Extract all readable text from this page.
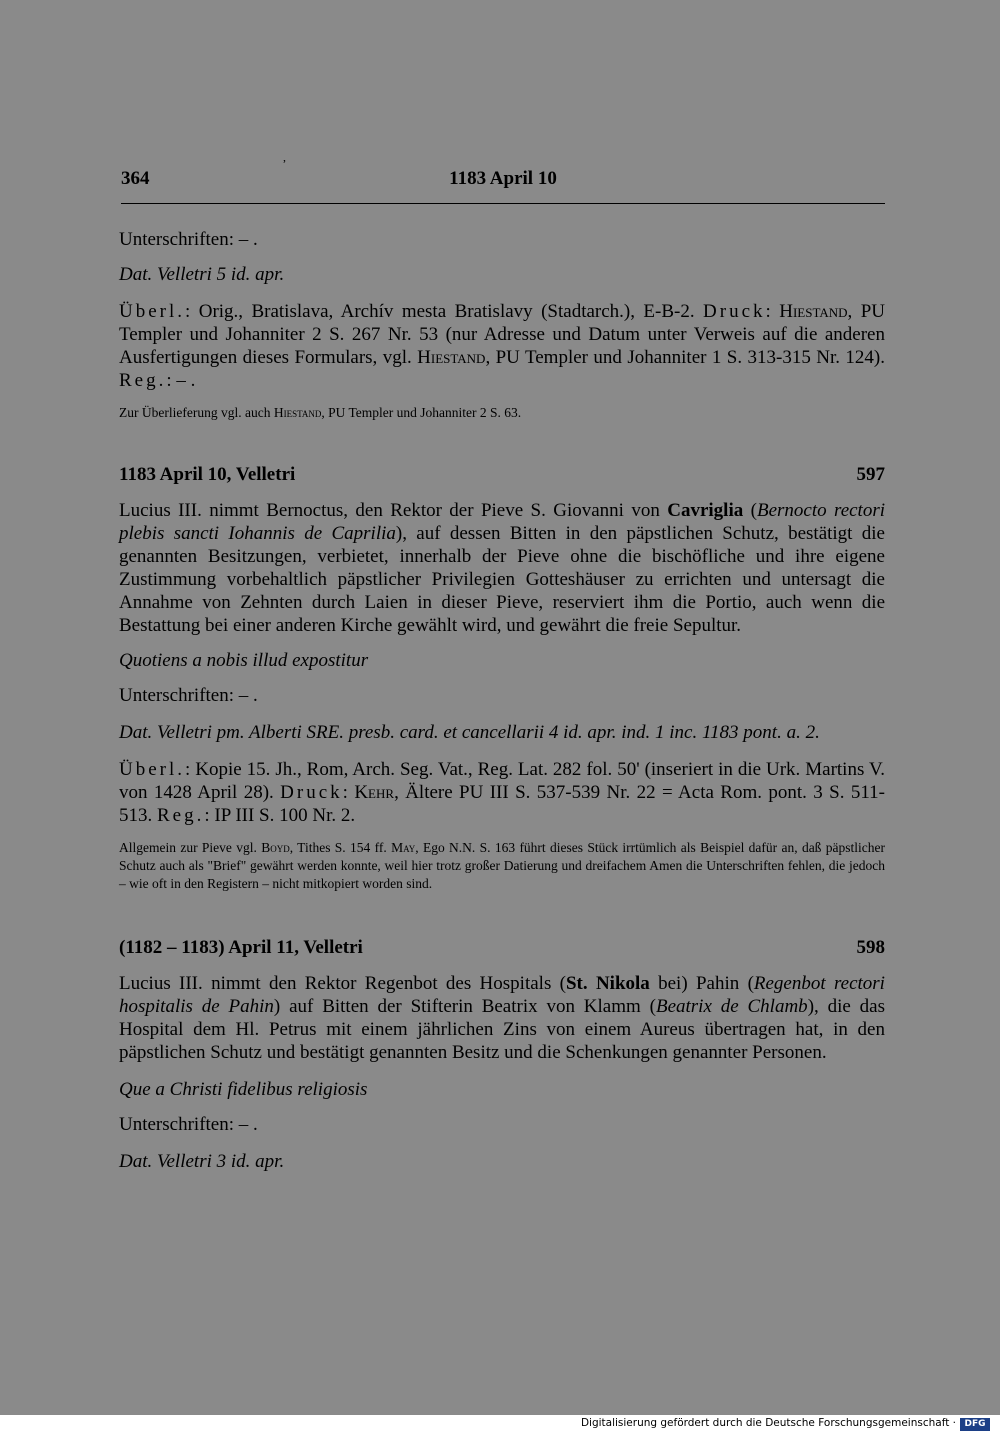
,
364	1183 April 10

Unterschriften: – .

Dat. Velletri 5 id. apr.

Überl.: Orig., Bratislava, Archív mesta Bratislavy (Stadtarch.), E-B-2. Druck: Hiestand, PU Templer und Johanniter 2 S. 267 Nr. 53 (nur Adresse und Datum unter Verweis auf die anderen Ausfertigungen dieses Formulars, vgl. Hiestand, PU Templer und Johanniter 1 S. 313-315 Nr. 124). Reg.: – .

Zur Überlieferung vgl. auch Hiestand, PU Templer und Johanniter 2 S. 63.

1183 April 10, Velletri	597

Lucius III. nimmt Bernoctus, den Rektor der Pieve S. Giovanni von Cavriglia (Bernocto rectori plebis sancti Iohannis de Caprilia), auf dessen Bitten in den päpstlichen Schutz, bestätigt die genannten Besitzungen, verbietet, innerhalb der Pieve ohne die bischöfliche und ihre eigene Zustimmung vorbehaltlich päpstlicher Privilegien Gotteshäuser zu errichten und untersagt die Annahme von Zehnten durch Laien in dieser Pieve, reserviert ihm die Portio, auch wenn die Bestattung bei einer anderen Kirche gewählt wird, und gewährt die freie Sepultur.

Quotiens a nobis illud expostitur

Unterschriften: – .

Dat. Velletri pm. Alberti SRE. presb. card. et cancellarii 4 id. apr. ind. 1 inc. 1183 pont. a. 2.

Überl.: Kopie 15. Jh., Rom, Arch. Seg. Vat., Reg. Lat. 282 fol. 50' (inseriert in die Urk. Martins V. von 1428 April 28). Druck: Kehr, Ältere PU III S. 537-539 Nr. 22 = Acta Rom. pont. 3 S. 511-513. Reg.: IP III S. 100 Nr. 2.

Allgemein zur Pieve vgl. Boyd, Tithes S. 154 ff. May, Ego N.N. S. 163 führt dieses Stück irrtümlich als Beispiel dafür an, daß päpstlicher Schutz auch als "Brief" gewährt werden konnte, weil hier trotz großer Datierung und dreifachem Amen die Unterschriften fehlen, die jedoch – wie oft in den Registern – nicht mitkopiert worden sind.

(1182 – 1183) April 11, Velletri	598

Lucius III. nimmt den Rektor Regenbot des Hospitals (St. Nikola bei) Pahin (Regenbot rectori hospitalis de Pahin) auf Bitten der Stifterin Beatrix von Klamm (Beatrix de Chlamb), die das Hospital dem Hl. Petrus mit einem jährlichen Zins von einem Aureus übertragen hat, in den päpstlichen Schutz und bestätigt genannten Besitz und die Schenkungen genannter Personen.

Que a Christi fidelibus religiosis

Unterschriften: – .

Dat. Velletri 3 id. apr.

Digitalisierung gefördert durch die Deutsche Forschungsgemeinschaft · DFG
